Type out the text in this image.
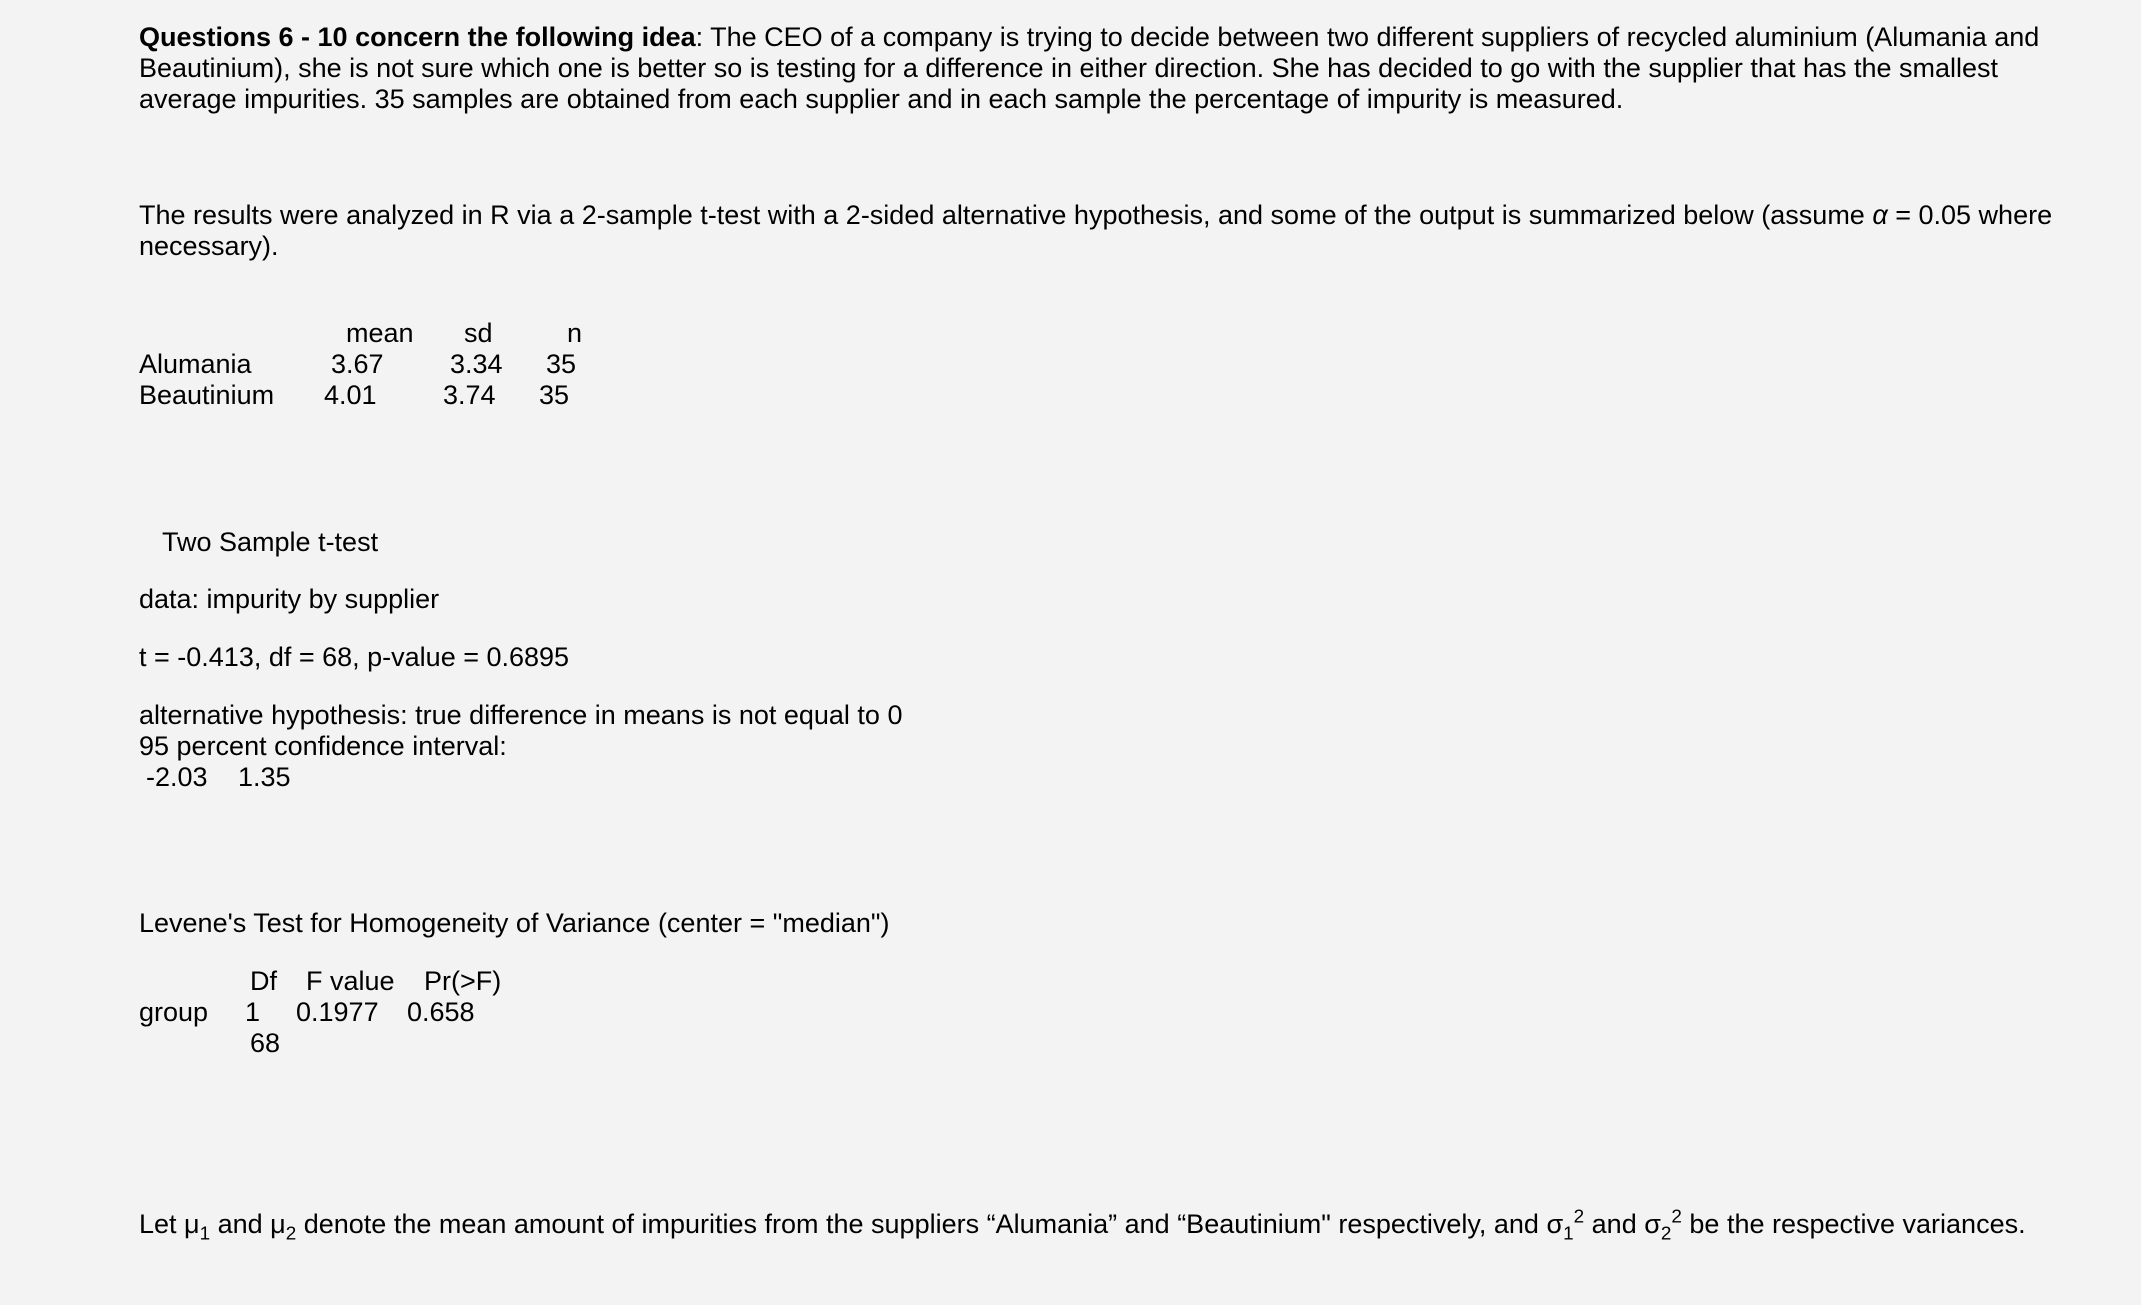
Questions 6 - 10 concern the following idea: The CEO of a company is trying to decide between two different suppliers of recycled aluminium (Alumania and Beautinium), she is not sure which one is better so is testing for a difference in either direction. She has decided to go with the supplier that has the smallest average impurities. 35 samples are obtained from each supplier and in each sample the percentage of impurity is measured.

The results were analyzed in R via a 2-sample t-test with a 2-sided alternative hypothesis, and some of the output is summarized below (assume α = 0.05 where necessary).

mean sd	n
Alumania	3.67 3.34 35
Beautinium 4.01 3.74 35
Two Sample t-test
data: impurity by supplier
t = -0.413, df = 68, p-value = 0.6895
alternative hypothesis: true difference in means is not equal to 0
95 percent confidence interval:
-2.03 1.35
Levene's Test for Homogeneity of Variance (center = "median")
Df F value Pr(>F)
group 1 0.1977 0.658
68
Let $\mu_1$ and $\mu_2$ denote the mean amount of impurities from the suppliers “Alumania” and “Beautinium" respectively, and $\sigma_1^2$ and $\sigma_2^2$ be the respective variances.
